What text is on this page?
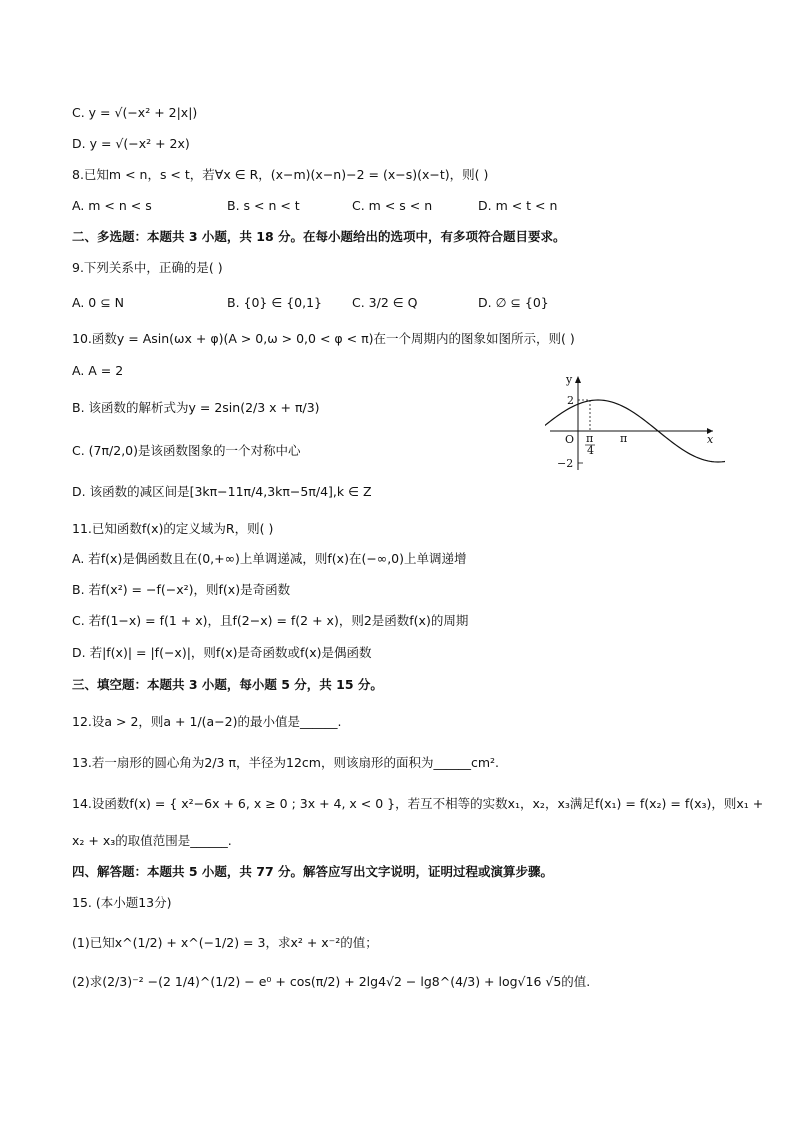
C. y = √(−x² + 2|x|)
D. y = √(−x² + 2x)
8.已知m < n，s < t，若∀x ∈ R，(x−m)(x−n)−2 = (x−s)(x−t)，则( )
A. m < n < s	B. s < n < t	C. m < s < n	D. m < t < n
二、多选题：本题共 3 小题，共 18 分。在每小题给出的选项中，有多项符合题目要求。
9.下列关系中，正确的是( )
A. 0 ⊆ N	B. {0} ∈ {0,1} C. 3/2 ∈ Q	D. ∅ ⊆ {0}
10.函数y = Asin(ωx + φ)(A > 0,ω > 0,0 < φ < π)在一个周期内的图象如图所示，则( )
A. A = 2
B. 该函数的解析式为y = 2sin(2/3 x + π/3)
C. (7π/2,0)是该函数图象的一个对称中心
D. 该函数的减区间是[3kπ−11π/4,3kπ−5π/4],k ∈ Z
x
y
O
2
−2
π
4
π
11.已知函数f(x)的定义域为R，则( )
A. 若f(x)是偶函数且在(0,+∞)上单调递减，则f(x)在(−∞,0)上单调递增
B. 若f(x²) = −f(−x²)，则f(x)是奇函数
C. 若f(1−x) = f(1 + x)，且f(2−x) = f(2 + x)，则2是函数f(x)的周期
D. 若|f(x)| = |f(−x)|，则f(x)是奇函数或f(x)是偶函数
三、填空题：本题共 3 小题，每小题 5 分，共 15 分。
12.设a > 2，则a + 1/(a−2)的最小值是______.
13.若一扇形的圆心角为2/3 π，半径为12cm，则该扇形的面积为______cm².
14.设函数f(x) = { x²−6x + 6, x ≥ 0 ; 3x + 4, x < 0 }，若互不相等的实数x₁，x₂，x₃满足f(x₁) = f(x₂) = f(x₃)，则x₁ +
x₂ + x₃的取值范围是______.
四、解答题：本题共 5 小题，共 77 分。解答应写出文字说明，证明过程或演算步骤。
15. (本小题13分)
(1)已知x^(1/2) + x^(−1/2) = 3，求x² + x⁻²的值；
(2)求(2/3)⁻² −(2 1/4)^(1/2) − e⁰ + cos(π/2) + 2lg4√2 − lg8^(4/3) + log√16 √5的值.
